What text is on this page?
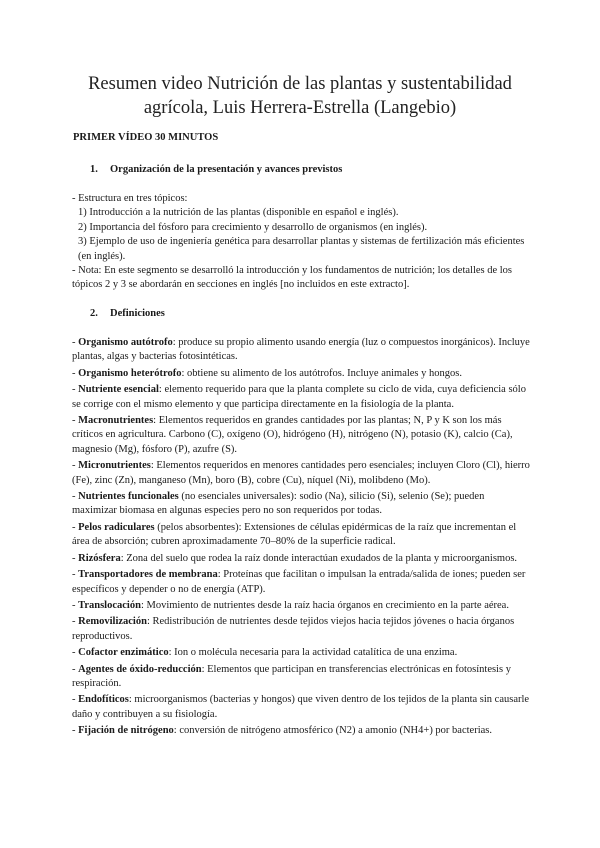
Resumen video Nutrición de las plantas y sustentabilidad
agrícola, Luis Herrera-Estrella (Langebio)
PRIMER VÍDEO 30 MINUTOS
1. Organización de la presentación y avances previstos

- Estructura en tres tópicos:

1) Introducción a la nutrición de las plantas (disponible en español e inglés).

2) Importancia del fósforo para crecimiento y desarrollo de organismos (en inglés).

3) Ejemplo de uso de ingeniería genética para desarrollar plantas y sistemas de fertilización más eficientes (en inglés).

- Nota: En este segmento se desarrolló la introducción y los fundamentos de nutrición; los detalles de los tópicos 2 y 3 se abordarán en secciones en inglés [no incluidos en este extracto].

2. Definiciones

- Organismo autótrofo: produce su propio alimento usando energía (luz o compuestos inorgánicos). Incluye plantas, algas y bacterias fotosintéticas.

- Organismo heterótrofo: obtiene su alimento de los autótrofos. Incluye animales y hongos.

- Nutriente esencial: elemento requerido para que la planta complete su ciclo de vida, cuya deficiencia sólo se corrige con el mismo elemento y que participa directamente en la fisiología de la planta.

- Macronutrientes: Elementos requeridos en grandes cantidades por las plantas; N, P y K son los más críticos en agricultura. Carbono (C), oxígeno (O), hidrógeno (H), nitrógeno (N), potasio (K), calcio (Ca), magnesio (Mg), fósforo (P), azufre (S).

- Micronutrientes: Elementos requeridos en menores cantidades pero esenciales; incluyen Cloro (Cl), hierro (Fe), zinc (Zn), manganeso (Mn), boro (B), cobre (Cu), níquel (Ni), molibdeno (Mo).

- Nutrientes funcionales (no esenciales universales): sodio (Na), silicio (Si), selenio (Se); pueden maximizar biomasa en algunas especies pero no son requeridos por todas.

- Pelos radiculares (pelos absorbentes): Extensiones de células epidérmicas de la raíz que incrementan el área de absorción; cubren aproximadamente 70–80% de la superficie radical.

- Rizósfera: Zona del suelo que rodea la raíz donde interactúan exudados de la planta y microorganismos.

- Transportadores de membrana: Proteínas que facilitan o impulsan la entrada/salida de iones; pueden ser específicos y depender o no de energía (ATP).

- Translocación: Movimiento de nutrientes desde la raíz hacia órganos en crecimiento en la parte aérea.

- Removilización: Redistribución de nutrientes desde tejidos viejos hacia tejidos jóvenes o hacia órganos reproductivos.

- Cofactor enzimático: Ion o molécula necesaria para la actividad catalítica de una enzima.

- Agentes de óxido-reducción: Elementos que participan en transferencias electrónicas en fotosíntesis y respiración.

- Endofíticos: microorganismos (bacterias y hongos) que viven dentro de los tejidos de la planta sin causarle daño y contribuyen a su fisiología.

- Fijación de nitrógeno: conversión de nitrógeno atmosférico (N2) a amonio (NH4+) por bacterias.
